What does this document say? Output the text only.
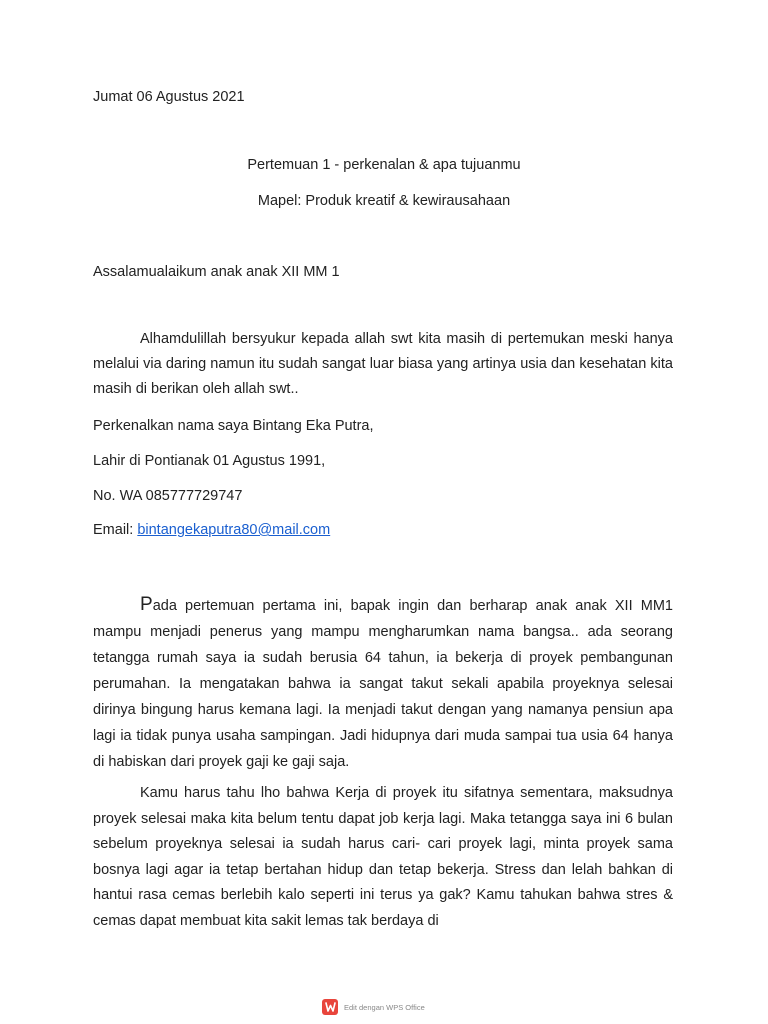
Jumat 06 Agustus 2021
Pertemuan 1 - perkenalan & apa tujuanmu
Mapel: Produk kreatif & kewirausahaan
Assalamualaikum anak anak XII MM 1

Alhamdulillah bersyukur kepada allah swt kita masih di pertemukan meski hanya melalui via daring namun itu sudah sangat luar biasa yang artinya usia dan kesehatan kita masih di berikan oleh allah swt..

Perkenalkan nama saya Bintang Eka Putra,
Lahir di Pontianak 01 Agustus 1991,
No. WA 085777729747
Email: bintangekaputra80@mail.com

Pada pertemuan pertama ini, bapak ingin dan berharap anak anak XII MM1 mampu menjadi penerus yang mampu mengharumkan nama bangsa.. ada seorang tetangga rumah saya ia sudah berusia 64 tahun, ia bekerja di proyek pembangunan perumahan. Ia mengatakan bahwa ia sangat takut sekali apabila proyeknya selesai dirinya bingung harus kemana lagi. Ia menjadi takut dengan yang namanya pensiun apa lagi ia tidak punya usaha sampingan. Jadi hidupnya dari muda sampai tua usia 64 hanya di habiskan dari proyek gaji ke gaji saja.

Kamu harus tahu lho bahwa Kerja di proyek itu sifatnya sementara, maksudnya proyek selesai maka kita belum tentu dapat job kerja lagi. Maka tetangga saya ini 6 bulan sebelum proyeknya selesai ia sudah harus cari- cari proyek lagi, minta proyek sama bosnya lagi agar ia tetap bertahan hidup dan tetap bekerja. Stress dan lelah bahkan di hantui rasa cemas berlebih kalo seperti ini terus ya gak? Kamu tahukan bahwa stres & cemas dapat membuat kita sakit lemas tak berdaya di

Edit dengan WPS Office
